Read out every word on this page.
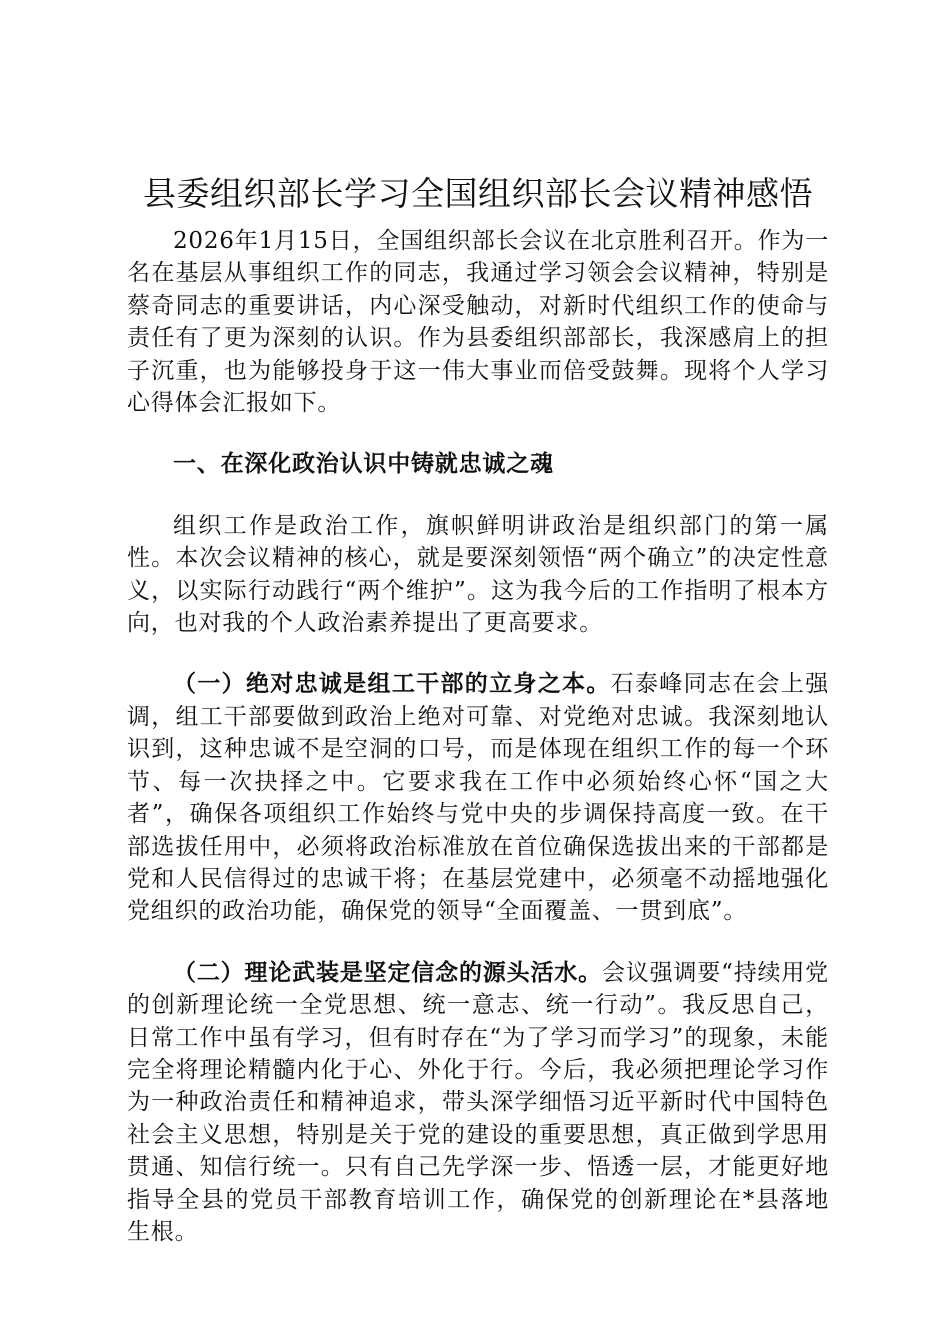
县委组织部长学习全国组织部长会议精神感悟

2026年1月15日，全国组织部长会议在北京胜利召开。作为一名在基层从事组织工作的同志，我通过学习领会会议精神，特别是蔡奇同志的重要讲话，内心深受触动，对新时代组织工作的使命与责任有了更为深刻的认识。作为县委组织部部长，我深感肩上的担子沉重，也为能够投身于这一伟大事业而倍受鼓舞。现将个人学习心得体会汇报如下。

一、在深化政治认识中铸就忠诚之魂

组织工作是政治工作，旗帜鲜明讲政治是组织部门的第一属性。本次会议精神的核心，就是要深刻领悟“两个确立”的决定性意义，以实际行动践行“两个维护”。这为我今后的工作指明了根本方向，也对我的个人政治素养提出了更高要求。

（一）绝对忠诚是组工干部的立身之本。石泰峰同志在会上强调，组工干部要做到政治上绝对可靠、对党绝对忠诚。我深刻地认识到，这种忠诚不是空洞的口号，而是体现在组织工作的每一个环节、每一次抉择之中。它要求我在工作中必须始终心怀“国之大者”，确保各项组织工作始终与党中央的步调保持高度一致。在干部选拔任用中，必须将政治标准放在首位确保选拔出来的干部都是党和人民信得过的忠诚干将；在基层党建中，必须毫不动摇地强化党组织的政治功能，确保党的领导“全面覆盖、一贯到底”。

（二）理论武装是坚定信念的源头活水。会议强调要“持续用党的创新理论统一全党思想、统一意志、统一行动”。我反思自己，日常工作中虽有学习，但有时存在“为了学习而学习”的现象，未能完全将理论精髓内化于心、外化于行。今后，我必须把理论学习作为一种政治责任和精神追求，带头深学细悟习近平新时代中国特色社会主义思想，特别是关于党的建设的重要思想，真正做到学思用贯通、知信行统一。只有自己先学深一步、悟透一层，才能更好地指导全县的党员干部教育培训工作，确保党的创新理论在*县落地生根。
